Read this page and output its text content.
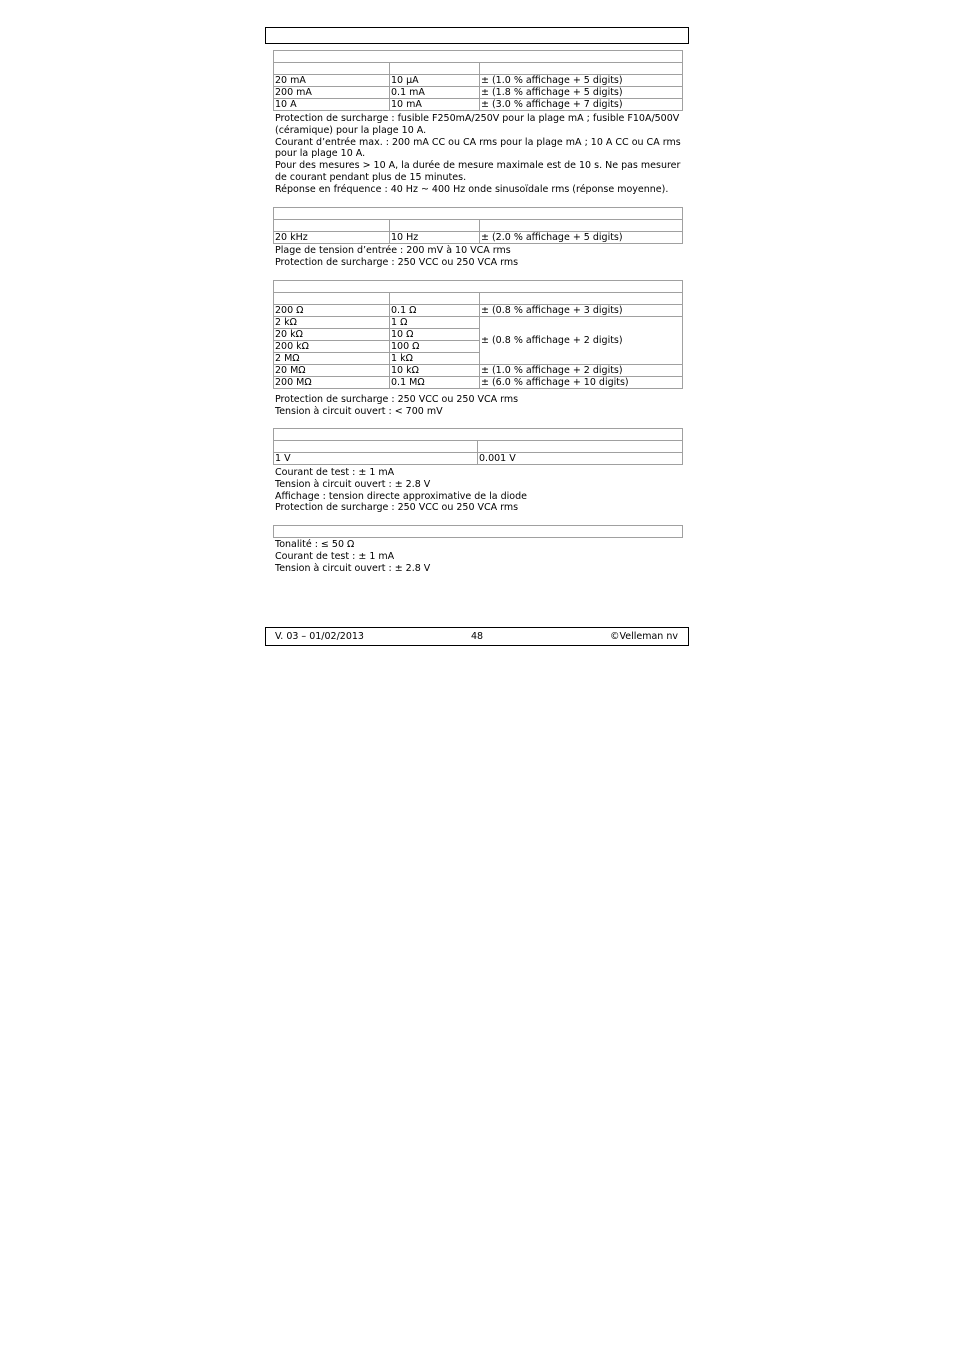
20 mA	10 µA	± (1.0 % affichage + 5 digits)
200 mA	0.1 mA	± (1.8 % affichage + 5 digits)
10 A	10 mA	± (3.0 % affichage + 7 digits)
Protection de surcharge : fusible F250mA/250V pour la plage mA ; fusible F10A/500V (céramique) pour la plage 10 A.
Courant d’entrée max. : 200 mA CC ou CA rms pour la plage mA ; 10 A CC ou CA rms pour la plage 10 A.
Pour des mesures > 10 A, la durée de mesure maximale est de 10 s. Ne pas mesurer de courant pendant plus de 15 minutes.
Réponse en fréquence : 40 Hz ~ 400 Hz onde sinusoïdale rms (réponse moyenne).

20 kHz	10 Hz	± (2.0 % affichage + 5 digits)
Plage de tension d’entrée : 200 mV à 10 VCA rms
Protection de surcharge : 250 VCC ou 250 VCA rms

200 Ω	0.1 Ω	± (0.8 % affichage + 3 digits)
2 kΩ	1 Ω	± (0.8 % affichage + 2 digits)
20 kΩ	10 Ω	
200 kΩ	100 Ω	
2 MΩ	1 kΩ	
20 MΩ	10 kΩ	± (1.0 % affichage + 2 digits)
200 MΩ	0.1 MΩ	± (6.0 % affichage + 10 digits)
Protection de surcharge : 250 VCC ou 250 VCA rms
Tension à circuit ouvert : < 700 mV

1 V	0.001 V
Courant de test : ± 1 mA
Tension à circuit ouvert : ± 2.8 V
Affichage : tension directe approximative de la diode
Protection de surcharge : 250 VCC ou 250 VCA rms
Tonalité : ≤ 50 Ω
Courant de test : ± 1 mA
Tension à circuit ouvert : ± 2.8 V
V. 03 – 01/02/2013	48	©Velleman nv
